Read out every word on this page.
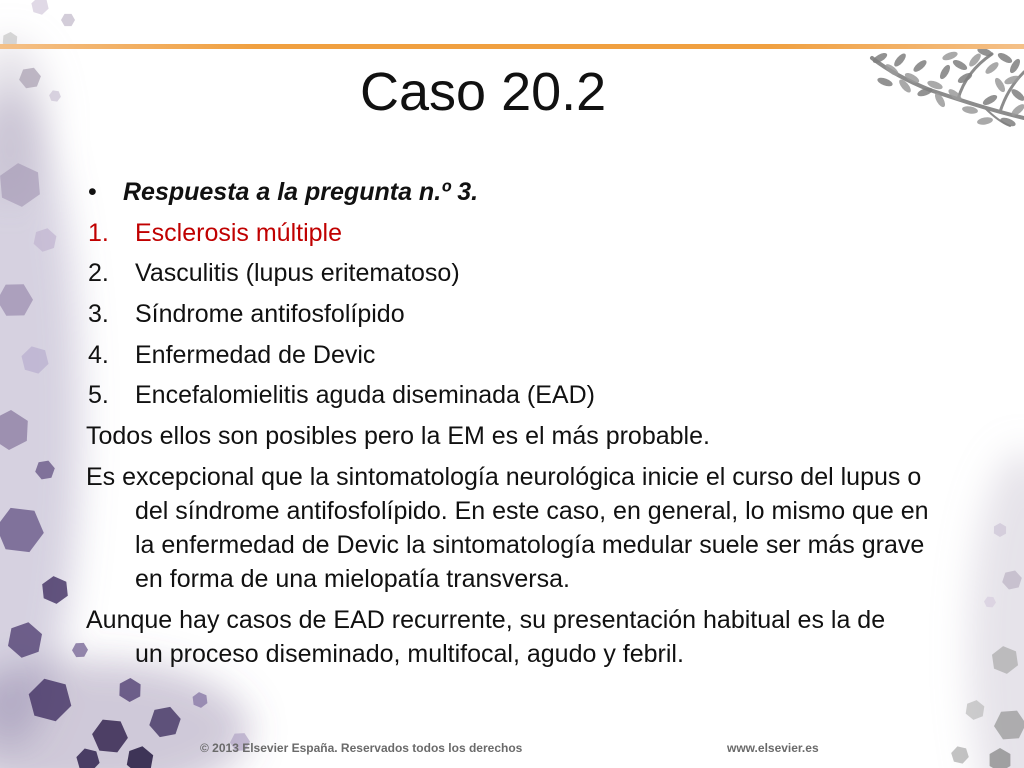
Caso 20.2
• Respuesta a la pregunta n.º 3.
1. Esclerosis múltiple
2. Vasculitis (lupus eritematoso)
3. Síndrome antifosfolípido
4. Enfermedad de Devic
5. Encefalomielitis aguda diseminada (EAD)
Todos ellos son posibles pero la EM es el más probable.
Es excepcional que la sintomatología neurológica inicie el curso del lupus o
del síndrome antifosfolípido. En este caso, en general, lo mismo que en
la enfermedad de Devic la sintomatología medular suele ser más grave
en forma de una mielopatía transversa.
Aunque hay casos de EAD recurrente, su presentación habitual es la de
un proceso diseminado, multifocal, agudo y febril.
© 2013 Elsevier España. Reservados todos los derechos	www.elsevier.es
